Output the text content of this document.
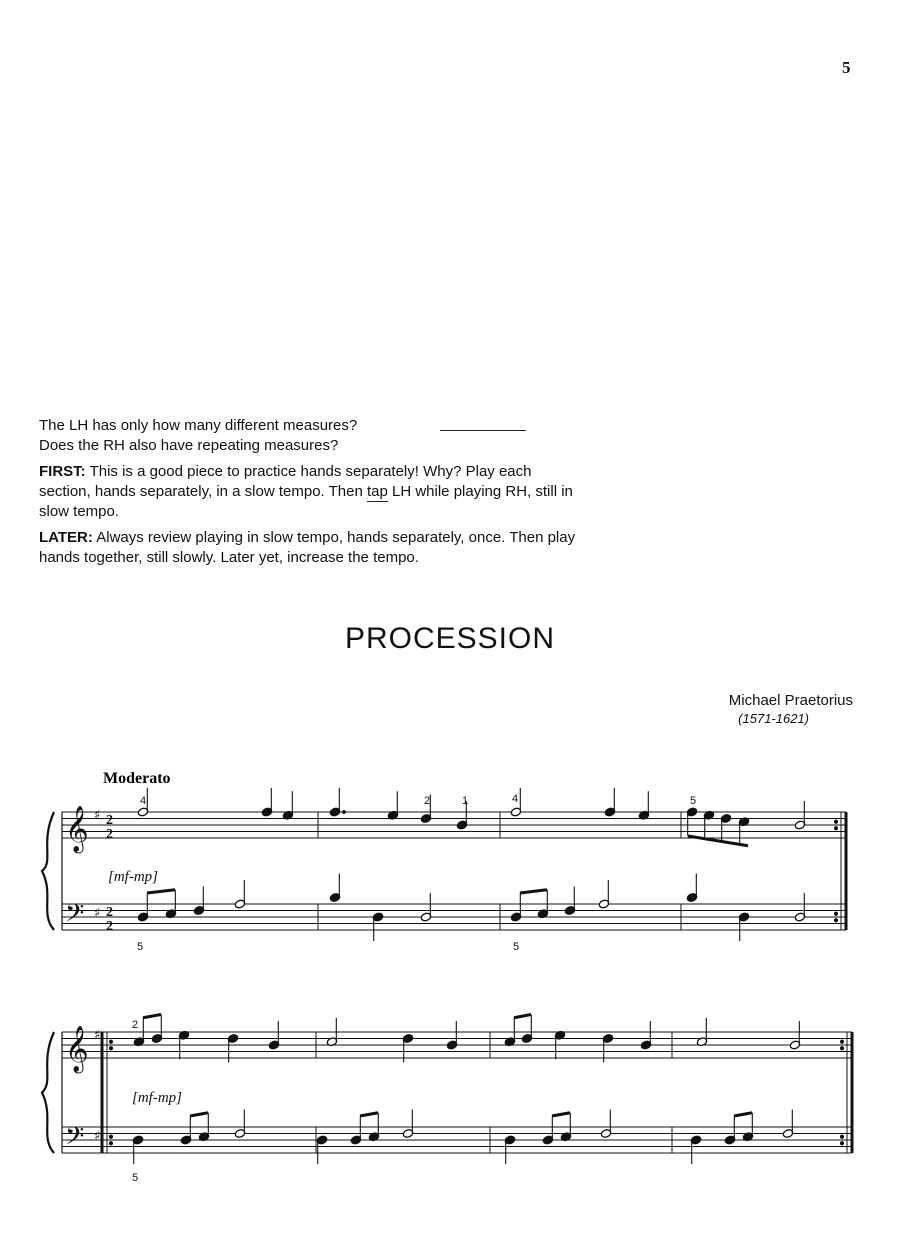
5

The LH has only how many different measures?

Does the RH also have repeating measures?

FIRST: This is a good piece to practice hands separately! Why? Play each section, hands separately, in a slow tempo. Then tap LH while playing RH, still in slow tempo.

LATER: Always review playing in slow tempo, hands separately, once. Then play hands together, still slowly. Later yet, increase the tempo.

PROCESSION
Michael Praetorius
(1571-1621)
Moderato
𝄞
𝄢
♯
♯
2
2
2
2
[mf-mp]
𝄞
𝄢
♯
♯
[mf-mp]
4	2	1	4	5
5	5
2
5
